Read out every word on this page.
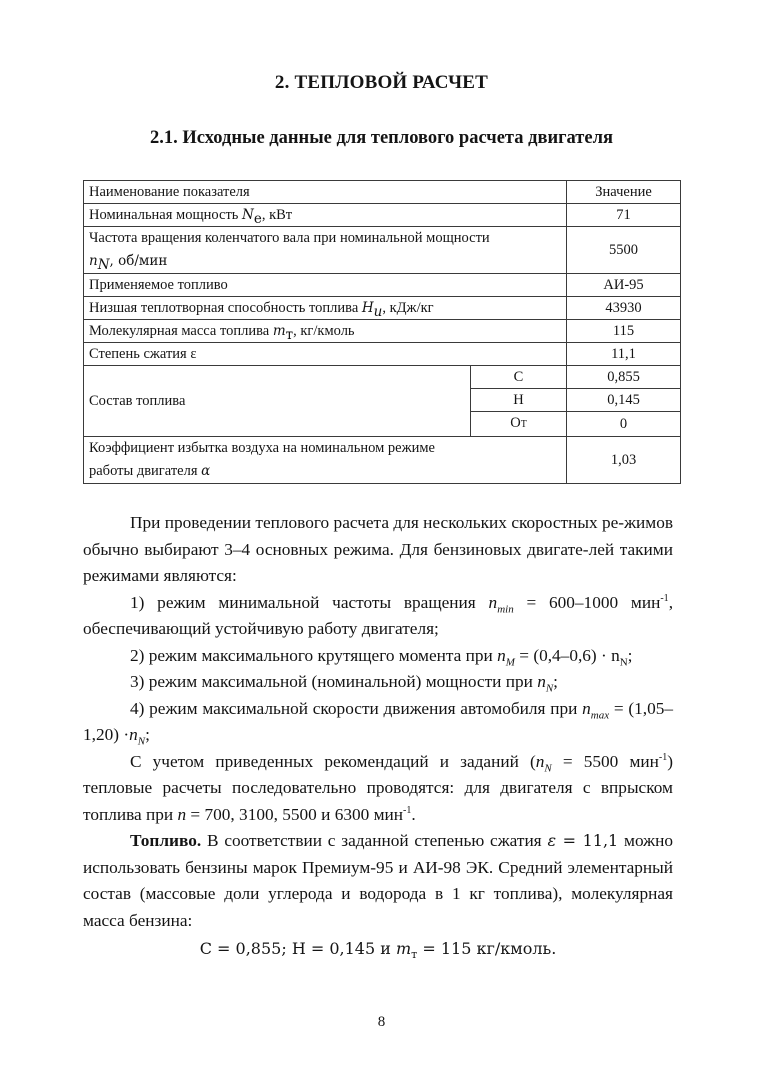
2. ТЕПЛОВОЙ РАСЧЕТ
2.1. Исходные данные для теплового расчета двигателя
Наименование показателя		Значение
Номинальная мощность $N_e$, кВт		71
Частота вращения коленчатого вала при номинальной мощности
$n_N$, об/мин		5500
Применяемое топливо		АИ-95
Низшая теплотворная способность топлива $H_u$, кДж/кг		43930
Молекулярная масса топлива $m_т$, кг/кмоль		115
Степень сжатия ε		11,1
Состав топлива	C	0,855
	H	0,145
	OТ	0
Коэффициент избытка воздуха на номинальном режиме
работы двигателя α		1,03

При проведении теплового расчета для нескольких скоростных ре-жимов обычно выбирают 3–4 основных режима. Для бензиновых двигате-лей такими режимами являются:

1) режим минимальной частоты вращения $n_{min} = 600-1000$ мин$^{-1}$, обеспечивающий устойчивую работу двигателя;

2) режим максимального крутящего момента при $n_M = (0,4-0,6) \cdot n_N$;

3) режим максимальной (номинальной) мощности при $n_N$;

4) режим максимальной скорости движения автомобиля при $n_{max} = (1,05-1,20) \cdot n_N$;

С учетом приведенных рекомендаций и заданий ($n_N = 5500$ мин$^{-1}$) тепловые расчеты последовательно проводятся: для двигателя с впрыском топлива при n = 700, 3100, 5500 и 6300 мин$^{-1}$.

Топливо. В соответствии с заданной степенью сжатия ε = 11,1 можно использовать бензины марок Премиум-95 и АИ-98 ЭК. Средний элементарный состав (массовые доли углерода и водорода в 1 кг топлива), молекулярная масса бензина:

C = 0,855; H = 0,145 и $m_т = 115$ кг/кмоль.

8
